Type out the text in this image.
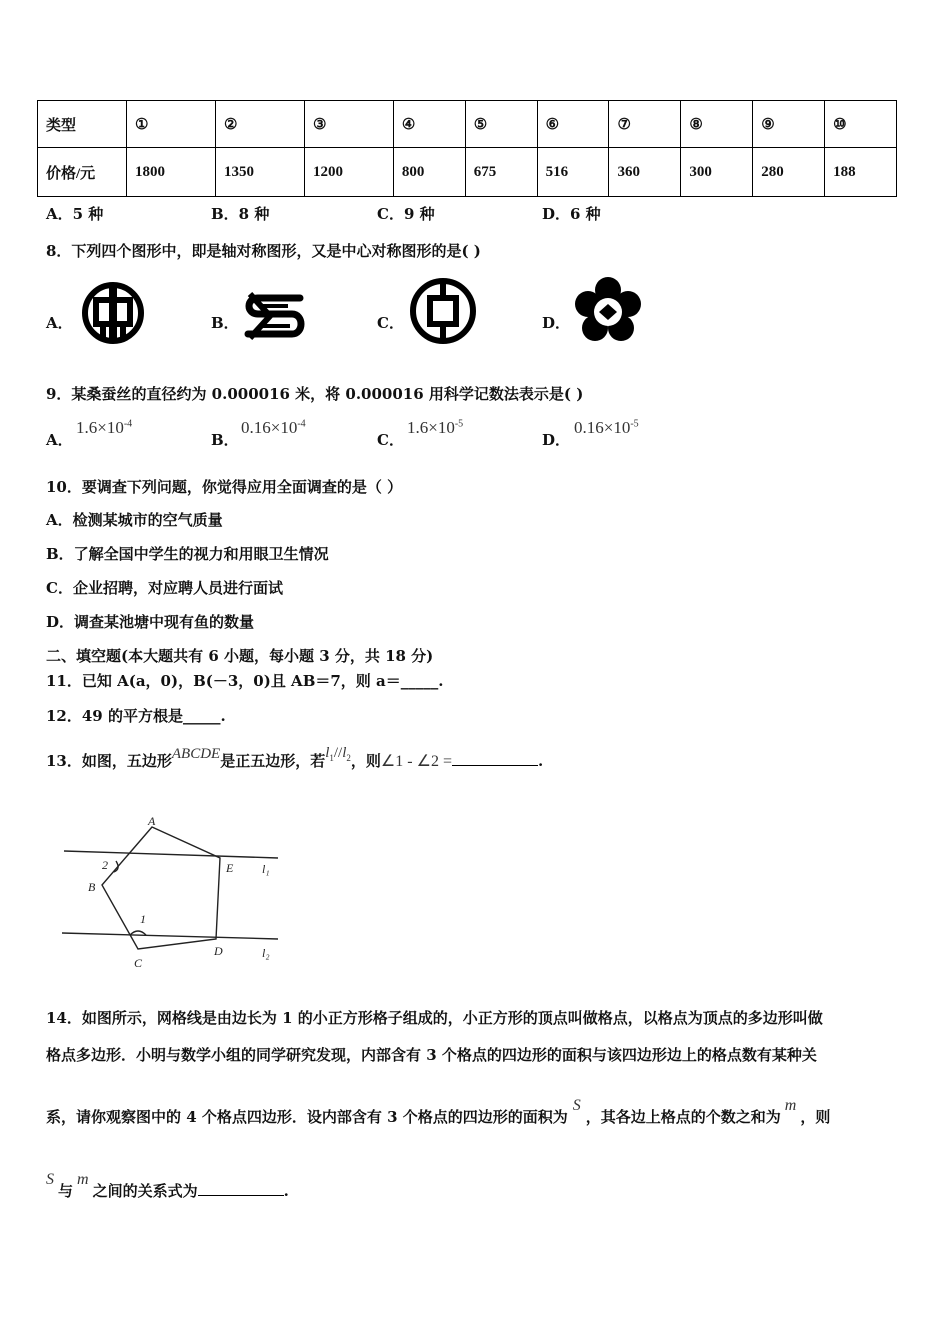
类型	①	②	③	④	⑤	⑥	⑦	⑧	⑨	⑩
价格/元	1800	1350	1200	800	675	516	360	300	280	188
A．5 种	B．8 种	C．9 种	D．6 种
8．下列四个图形中，即是轴对称图形，又是中心对称图形的是( )
A．	B．	C．	D．
9．某桑蚕丝的直径约为 0.000016 米，将 0.000016 用科学记数法表示是( )
A．
$1.6\times 10^{-4}$
B．
$0.16\times 10^{-4}$
C．
$1.6\times 10^{-5}$
D．
$0.16\times 10^{-5}$
10．要调查下列问题，你觉得应用全面调查的是（ ）
A．检测某城市的空气质量
B．了解全国中学生的视力和用眼卫生情况
C．企业招聘，对应聘人员进行面试
D．调查某池塘中现有鱼的数量
二、填空题(本大题共有 6 小题，每小题 3 分，共 18 分)
11．已知 A(a，0)，B(－3，0)且 AB＝7，则 a＝_____.
12．49 的平方根是_____.
13．如图，五边形ABCDE是正五边形，若$l_1//l_2$，则∠1 - ∠2 =	.
A
B
C
D
E
1
2	l₁
l₂
14．如图所示，网格线是由边长为 1 的小正方形格子组成的，小正方形的顶点叫做格点，以格点为顶点的多边形叫做
格点多边形．小明与数学小组的同学研究发现，内部含有 3 个格点的四边形的面积与该四边形边上的格点数有某种关
系，请你观察图中的 4 个格点四边形．设内部含有 3 个格点的四边形的面积为S，其各边上格点的个数之和为m，则
S与m之间的关系式为	.
